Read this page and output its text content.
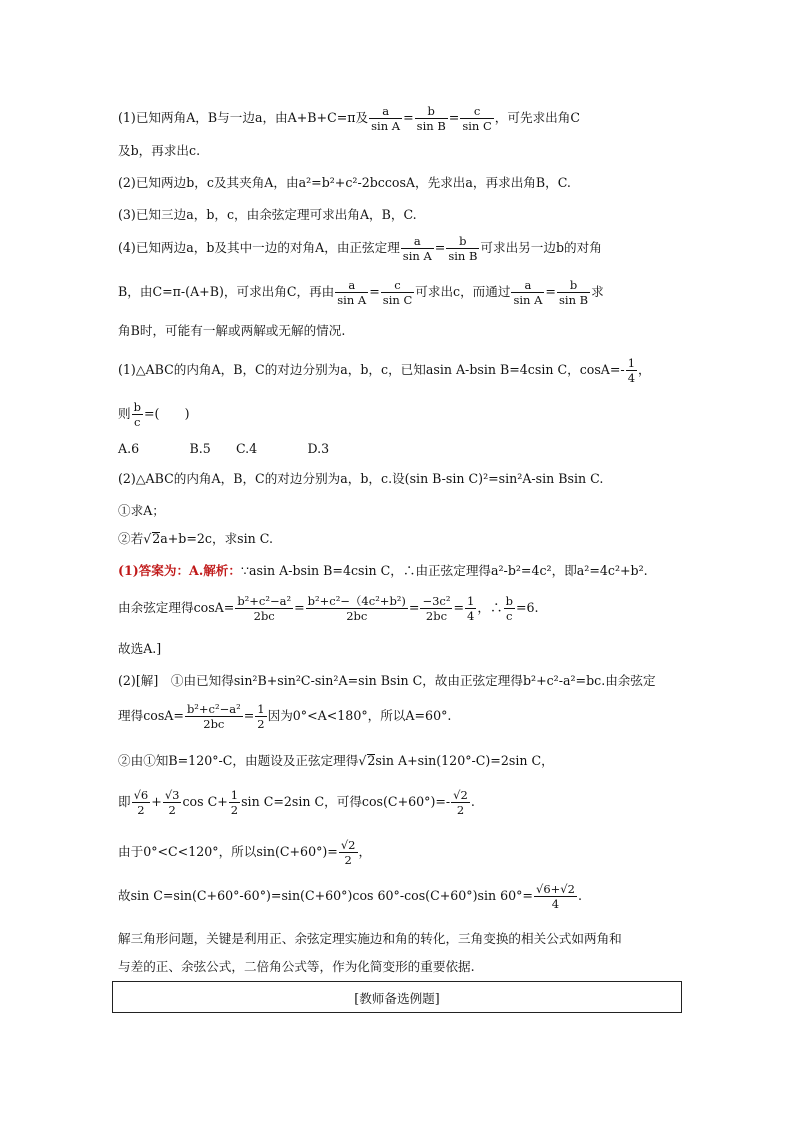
(1)已知两角A，B与一边a，由A+B+C=π及 $\frac{a}{\text{sin A}} = \frac{b}{\text{sin B}} = \frac{c}{\text{sin C}}$ ，可先求出角C
及b，再求出c.
(2)已知两边b，c及其夹角A，由a²=b²+c²-2bccosA，先求出a，再求出角B，C.
(3)已知三边a，b，c，由余弦定理可求出角A，B，C.
(4)已知两边a，b及其中一边的对角A，由正弦定理 $\frac{a}{\text{sin A}} = \frac{b}{\text{sin B}}$ 可求出另一边b的对角
B，由C=π-(A+B)，可求出角C，再由 $\frac{a}{\text{sin A}} = \frac{c}{\text{sin C}}$ 可求出c，而通过 $\frac{a}{\text{sin A}} = \frac{b}{\text{sin B}}$ 求
角B时，可能有一解或两解或无解的情况.
(1)△ABC的内角A，B，C的对边分别为a，b，c，已知asin A-bsin B=4csin C，$\cos A=- \frac{1}{4}$ ，
则 $\frac{b}{c}$ =(　　)
A.6　　　　B.5　　C.4　　　　D.3
(2)△ABC的内角A，B，C的对边分别为a，b，c.设(sin B-sin C)²=sin²A-sin Bsin C.
①求A；
②若√2a+b=2c，求sin C.
(1)答案为：A.解析：∵asin A-bsin B=4csin C，∴由正弦定理得a²-b²=4c²，即a²=4c²+b².
由余弦定理得$\cos A= \frac{\text{b²+c²−a²}}{2bc} = \frac{\text{b²+c²−（4c²+b²)}}{2bc} = \frac{\text{−3c²}}{2bc} = \frac{1}{4}$ ，∴ $\frac{b}{c} =6$.
故选A.]
(2)[解]　①由已知得sin²B+sin²C-sin²A=sin Bsin C，故由正弦定理得b²+c²-a²=bc.由余弦定
理得$\cos A= \frac{\text{b²+c²−a²}}{2bc} = \frac{1}{2}$ 因为0°<A<180°，所以A=60°.
②由①知B=120°-C，由题设及正弦定理得√2sin A+sin(120°-C)=2sin C，
即 $\frac{√6}{2} + \frac{√3}{2}$ $\cos C+ \frac{1}{2}$ sin C=2sin C，可得$\cos(C+60^\circ)=- \frac{√2}{2}$ .
由于0°<C<120°，所以$\sin(C+60^\circ)= \frac{√2}{2}$ ，
故sin C=sin(C+60°-60°)=sin(C+60°)cos 60°-cos(C+60°)sin $60^\circ= \frac{√6+√2}{4}$ .
解三角形问题，关键是利用正、余弦定理实施边和角的转化，三角变换的相关公式如两角和
与差的正、余弦公式，二倍角公式等，作为化简变形的重要依据.
[教师备选例题]
